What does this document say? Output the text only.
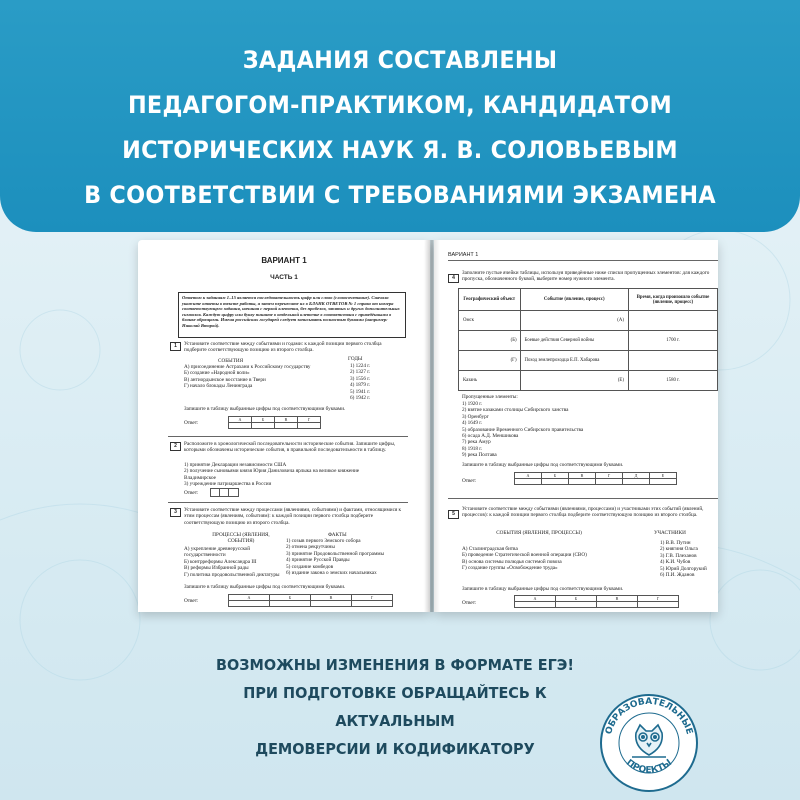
ЗАДАНИЯ СОСТАВЛЕНЫ
ПЕДАГОГОМ-ПРАКТИКОМ, КАНДИДАТОМ
ИСТОРИЧЕСКИХ НАУК Я. В. СОЛОВЬЕВЫМ
В СООТВЕТСТВИИ С ТРЕБОВАНИЯМИ ЭКЗАМЕНА
ВАРИАНТ 1
ЧАСТЬ 1
Ответом к заданиям 1–15 является последовательность цифр или слово (словосочетание). Сначала укажите ответы в тексте работы, а затем перенесите их в БЛАНК ОТВЕТОВ № 1 справа от номера соответствующего задания, начиная с первой клеточки, без пробелов, запятых и других дополнительных символов. Каждую цифру или букву пишите в отдельной клеточке в соответствии с приведёнными в бланке образцами. Имена российских государей следует записывать полностью буквами (например: Николай Второй).
1	Установите соответствие между событиями и годами: к каждой позиции первого столбца подберите соответствующую позицию из второго столбца.
СОБЫТИЯ	ГОДЫ
А) присоединение Астрахани к Российскому государству
Б) создание «Народной воли»
В) антиордынское восстание в Твери
Г) начало блокады Ленинграда
1) 1224 г.
2) 1327 г.
3) 1556 г.
4) 1879 г.
5) 1941 г.
6) 1942 г.
Запишите в таблицу выбранные цифры под соответствующими буквами.
Ответ:
А	Б	В	Г

2	Расположите в хронологической последовательности исторические события. Запишите цифры, которыми обозначены исторические события, в правильной последовательности в таблицу.
1) принятие Декларации независимости США
2) получение сыновьями князя Юрия Даниловича ярлыка на великое княжение Владимирское
3) учреждение патриаршества в России
Ответ:
3	Установите соответствие между процессами (явлениями, событиями) и фактами, относящимися к этим процессам (явлениям, событиям): к каждой позиции первого столбца подберите соответствующую позицию из второго столбца.
ПРОЦЕССЫ (ЯВЛЕНИЯ, СОБЫТИЯ)
ФАКТЫ
А) укрепление древнерусской государственности
Б) контрреформы Александра III
В) реформы Избранной рады
Г) политика продовольственной диктатуры
1) созыв первого Земского собора
2) отмена рекрутчины
3) принятие Продовольственной программы
4) принятие Русской Правды
5) создание комбедов
6) издание закона о земских начальниках
Запишите в таблицу выбранные цифры под соответствующими буквами.
Ответ:
А	Б	В	Г

ВАРИАНТ 1
4
Заполните пустые ячейки таблицы, используя приведённые ниже списки пропущенных элементов: для каждого пропуска, обозначенного буквой, выберите номер нужного элемента.
Географический объект	Событие (явление, процесс)	Время, когда произошло событие (явление, процесс)
Омск	(А)	
(Б)	Боевые действия Северной войны	1700 г.
(Г)	Поход землепроходца Е.П. Хабарова	
Казань	(Е)	1580 г.
Пропущенные элементы:
1) 1920 г.
2) взятие казаками столицы Сибирского ханства
3) Оренбург
4) 1649 г.
5) образование Временного Сибирского правительства
6) осада А.Д. Меншикова
7) река Амур
8) 1918 г.
9) река Полтава
Запишите в таблицу выбранные цифры под соответствующими буквами.
Ответ:
А	Б	В	Г	Д	Е

5
Установите соответствие между событиями (явлениями, процессами) и участниками этих событий (явлений, процессов): к каждой позиции первого столбца подберите соответствующую позицию из второго столбца.
СОБЫТИЯ (ЯВЛЕНИЯ, ПРОЦЕССЫ)	УЧАСТНИКИ
А) Сталинградская битва
Б) проведение Стратегической военной операции (СВО)
В) основа системы полюдья системой повоза
Г) создание группы «Освобождение труда»
1) В.В. Путин
2) княгиня Ольга
3) Г.В. Плеханов
4) К.И. Чубов
5) Юрий Долгорукий
6) П.И. Жданов
Запишите в таблицу выбранные цифры под соответствующими буквами.
Ответ:
А	Б	В	Г

ВОЗМОЖНЫ ИЗМЕНЕНИЯ В ФОРМАТЕ ЕГЭ!
ПРИ ПОДГОТОВКЕ ОБРАЩАЙТЕСЬ К АКТУАЛЬНЫМ
ДЕМОВЕРСИИ И КОДИФИКАТОРУ
ОБРАЗОВАТЕЛЬНЫЕ
ПРОЕКТЫ
